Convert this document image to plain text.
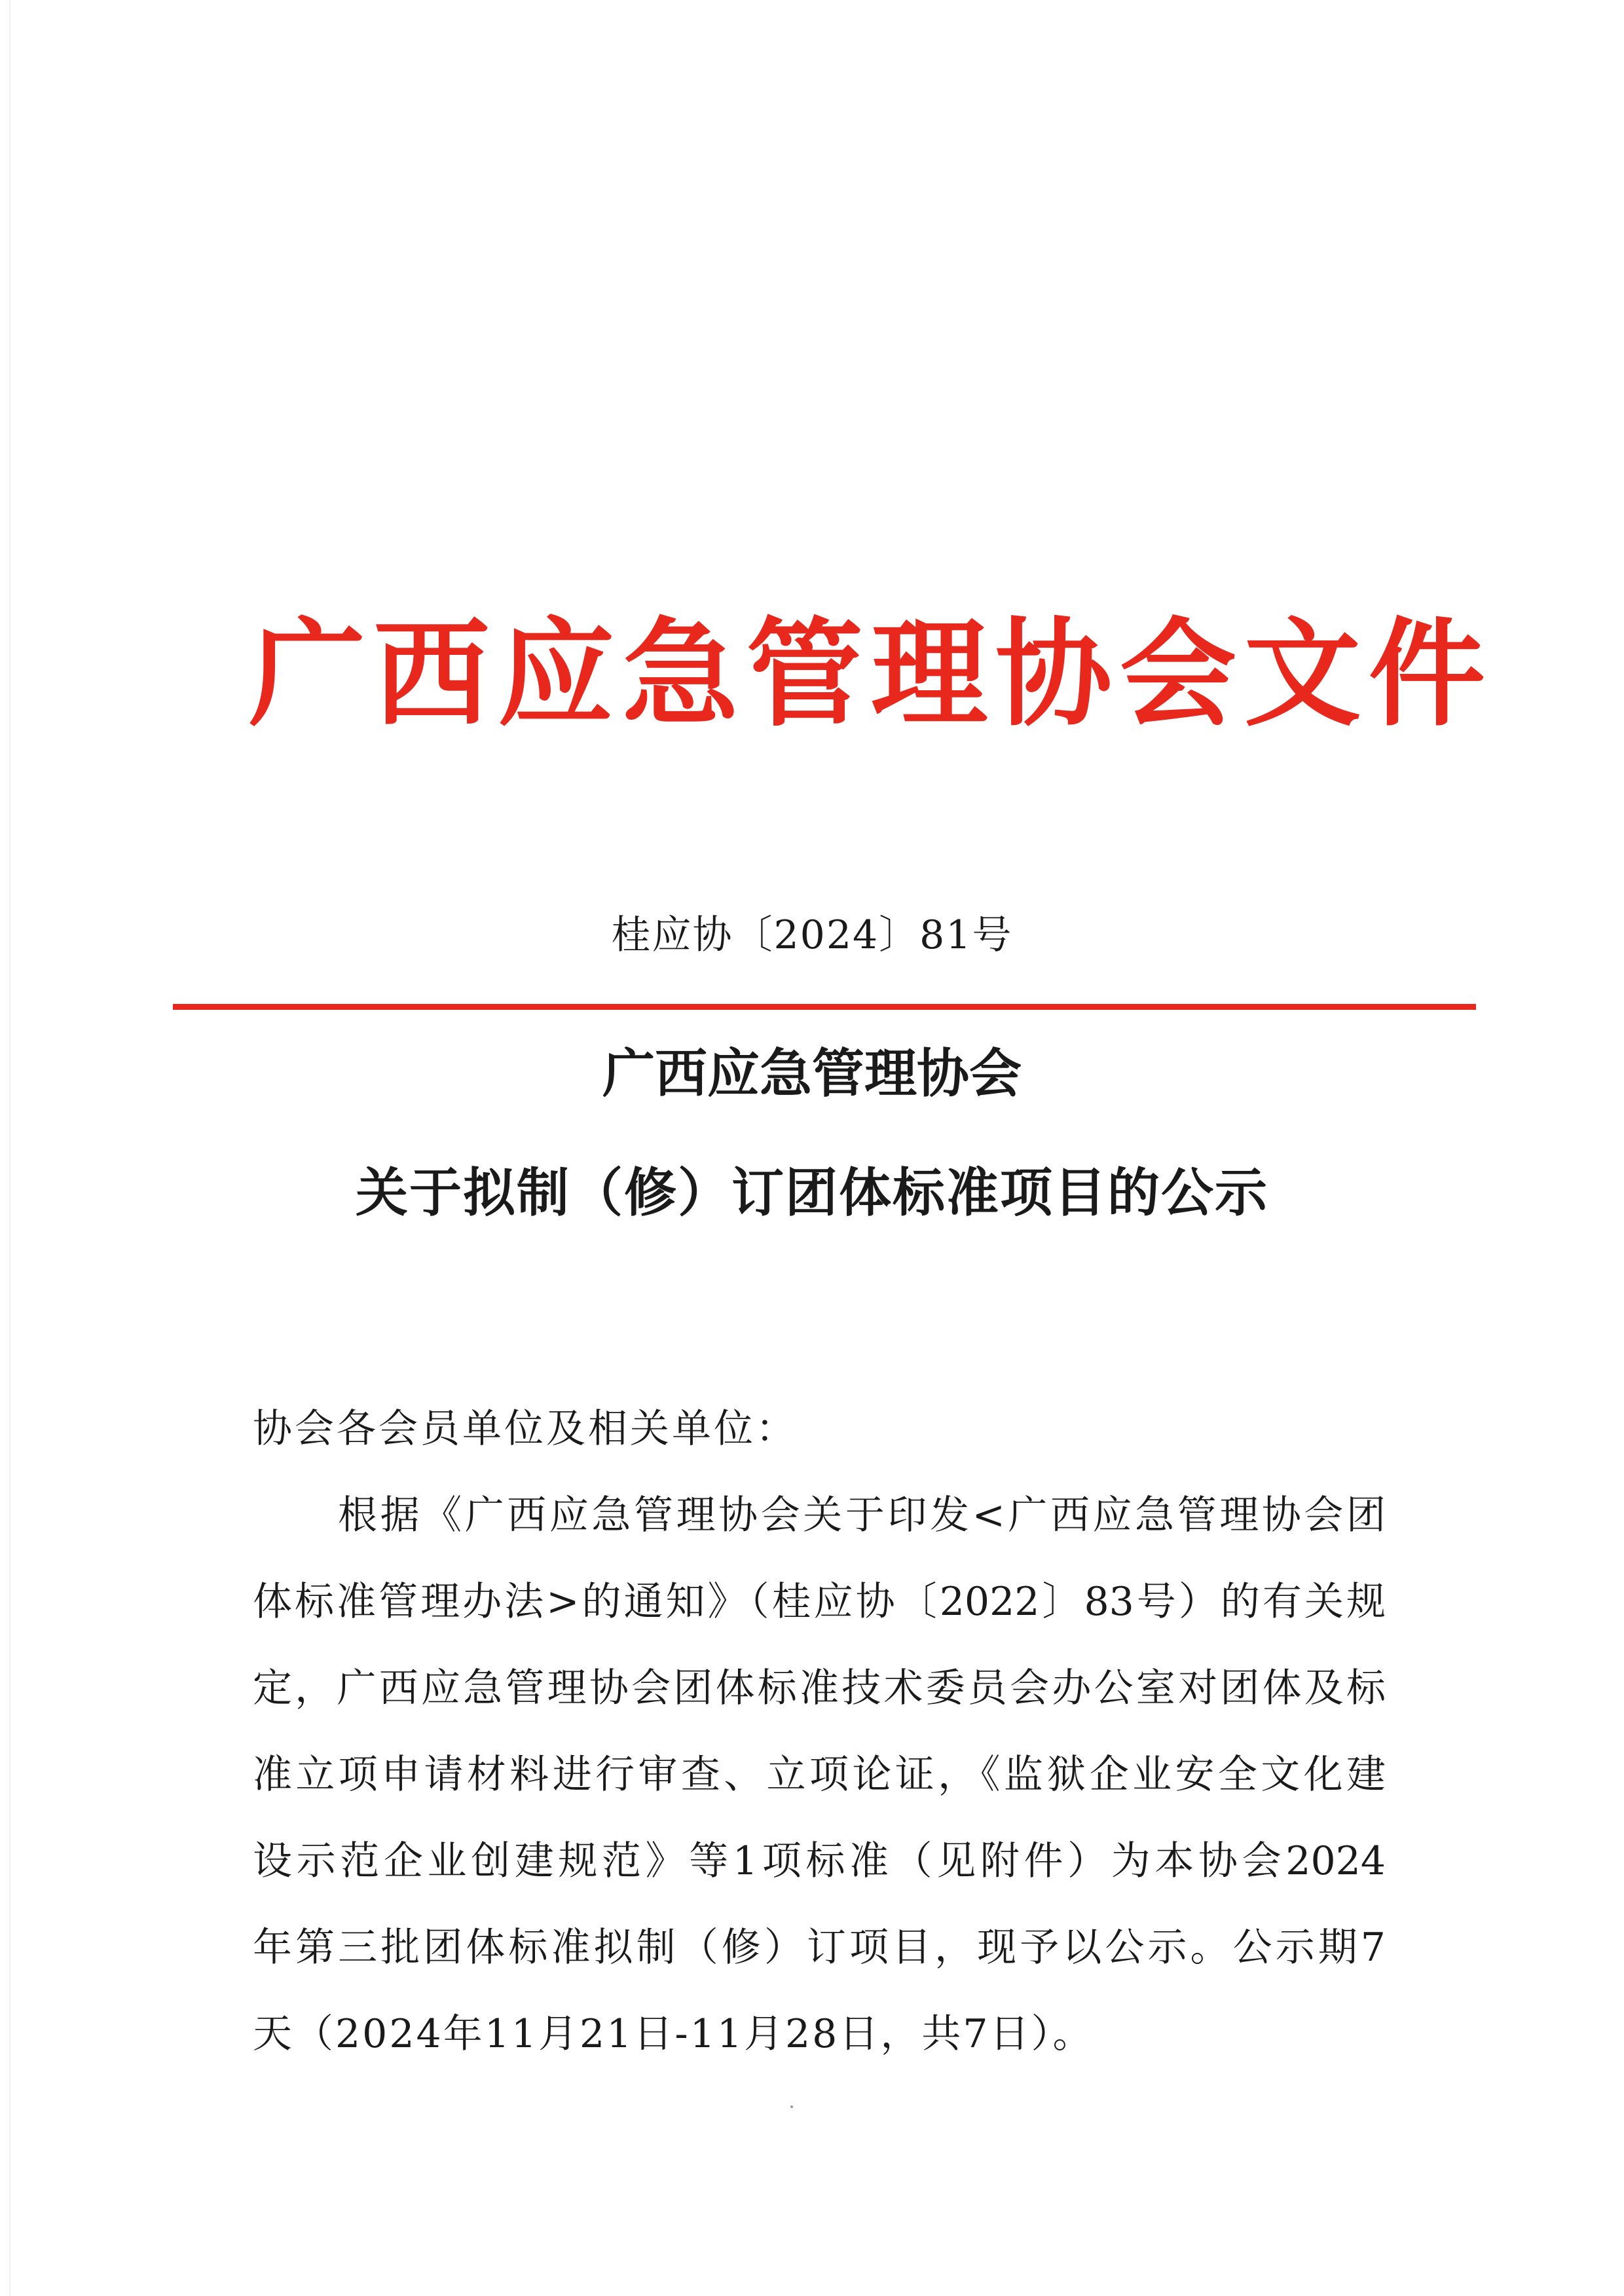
广西应急管理协会文件
桂应协〔2024〕81号
广西应急管理协会
关于拟制（修）订团体标准项目的公示
协会各会员单位及相关单位：
根据《广西应急管理协会关于印发<广西应急管理协会团
体标准管理办法>的通知》（桂应协〔2022〕83号）的有关规
定，广西应急管理协会团体标准技术委员会办公室对团体及标
准立项申请材料进行审查、立项论证，《监狱企业安全文化建
设示范企业创建规范》等1项标准（见附件）为本协会2024
年第三批团体标准拟制（修）订项目，现予以公示。公示期7
天（2024年11月21日-11月28日，共7日）。
